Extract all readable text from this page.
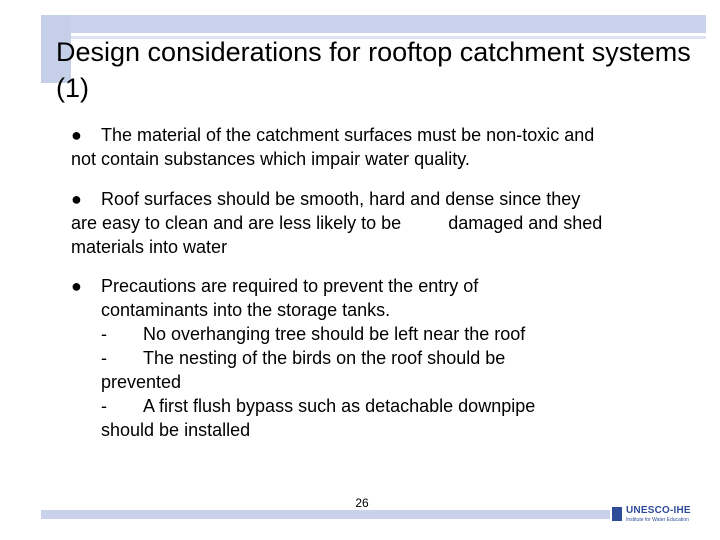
Design considerations for rooftop catchment systems (1)
● The material of the catchment surfaces must be non-toxic and
not contain substances which impair water quality.
● Roof surfaces should be smooth, hard and dense since they
are easy to clean and are less likely to be	damaged and shed
materials into water
● Precautions are required to prevent the entry of
contaminants into the storage tanks.
- No overhanging tree should be left near the roof
- The nesting of the birds on the roof should be
prevented
- A first flush bypass such as detachable downpipe
should be installed
26
UNESCO-IHE
Institute for Water Education
